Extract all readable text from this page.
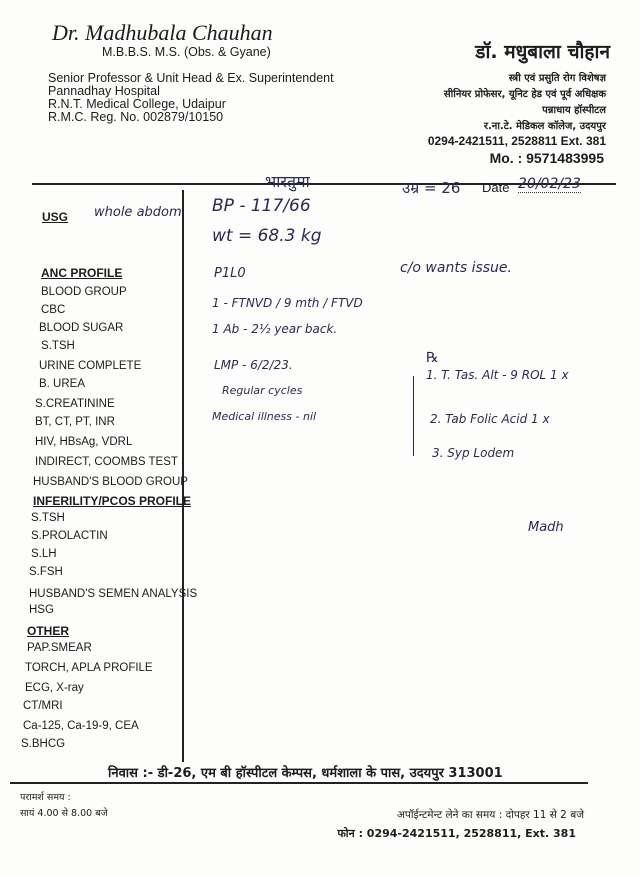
Dr. Madhubala Chauhan
M.B.B.S. M.S. (Obs. & Gyane)
Senior Professor & Unit Head & Ex. Superintendent
Pannadhay Hospital
R.N.T. Medical College, Udaipur
R.M.C. Reg. No. 002879/10150
डॉ. मधुबाला चौहान
स्त्री एवं प्रसुति रोग विशेषज्ञ
सीनियर प्रोफेसर, यूनिट हेड एवं पूर्व अधिक्षक
पन्नाधाय हॉस्पीटल
र.ना.टे. मेडिकल कॉलेज, उदयपुर
0294-2421511, 2528811 Ext. 381
Mo. : 9571483995
भारतुमा	उम्र = 26 Date 20/02/23
USG whole abdom
ANC PROFILE
BLOOD GROUP
CBC
BLOOD SUGAR
S.TSH
URINE COMPLETE
B. UREA
S.CREATININE
BT, CT, PT, INR
HIV, HBsAg, VDRL
INDIRECT, COOMBS TEST
HUSBAND'S BLOOD GROUP
INFERILITY/PCOS PROFILE
S.TSH
S.PROLACTIN
S.LH
S.FSH
HUSBAND'S SEMEN ANALYSIS
HSG
OTHER
PAP.SMEAR
TORCH, APLA PROFILE
ECG, X-ray
CT/MRI
Ca-125, Ca-19-9, CEA
S.BHCG
BP - 117/66
wt = 68.3 kg
P1L0
1 - FTNVD / 9 mth / FTVD
1 Ab - 2½ year back.
LMP - 6/2/23.
Regular cycles
Medical illness - nil
c/o wants issue.
℞
1. T. Tas. Alt - 9 ROL 1 x
2. Tab Folic Acid 1 x
3. Syp Lodem
Madh
निवास :- डी-26, एम बी हॉस्पीटल केम्पस, धर्मशाला के पास, उदयपुर 313001
परामर्श समय :
सायं 4.00 से 8.00 बजे	अपॉईन्टमेन्ट लेने का समय : दोपहर 11 से 2 बजे
फोन : 0294-2421511, 2528811, Ext. 381
